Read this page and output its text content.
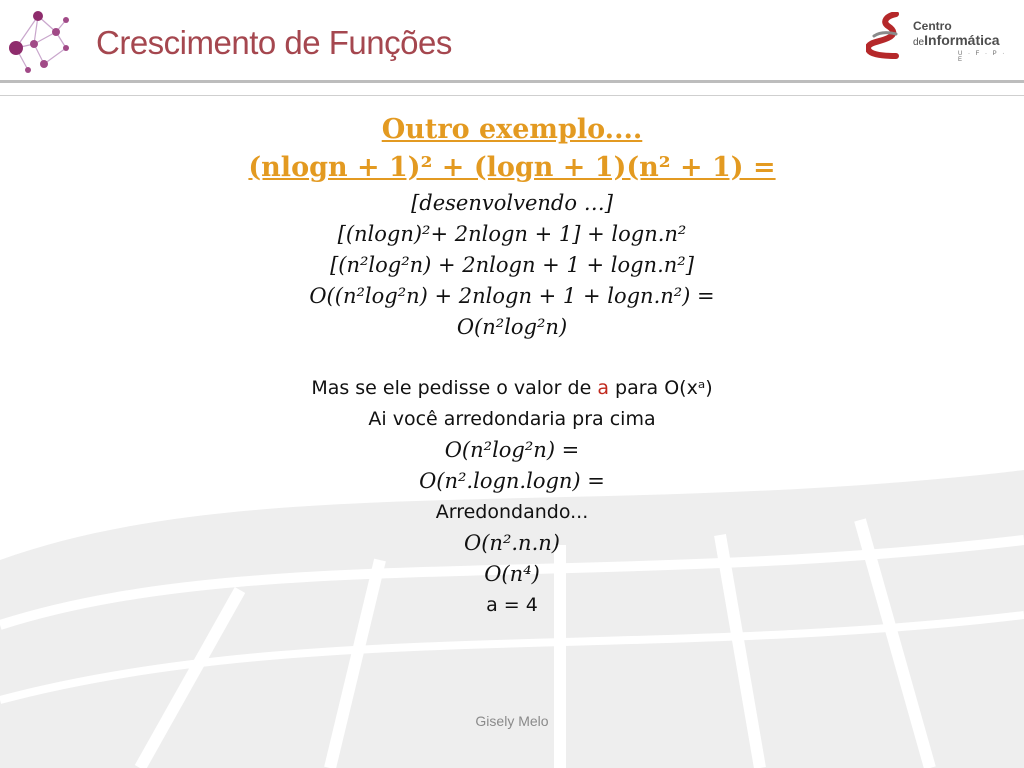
Crescimento de Funções	Centro
deInformática
U · F · P · E

Outro exemplo....

(nlogn + 1)² + (logn + 1)(n² + 1) =

[desenvolvendo …]

[(nlogn)²+ 2nlogn + 1] + logn.n²

[(n²log²n) + 2nlogn + 1 + logn.n²]

O((n²log²n) + 2nlogn + 1 + logn.n²) =

O(n²log²n)

Mas se ele pedisse o valor de a para O(xᵃ)

Ai você arredondaria pra cima

O(n²log²n) =

O(n².logn.logn) =

Arredondando...

O(n².n.n)

O(n⁴)

a = 4

Gisely Melo
